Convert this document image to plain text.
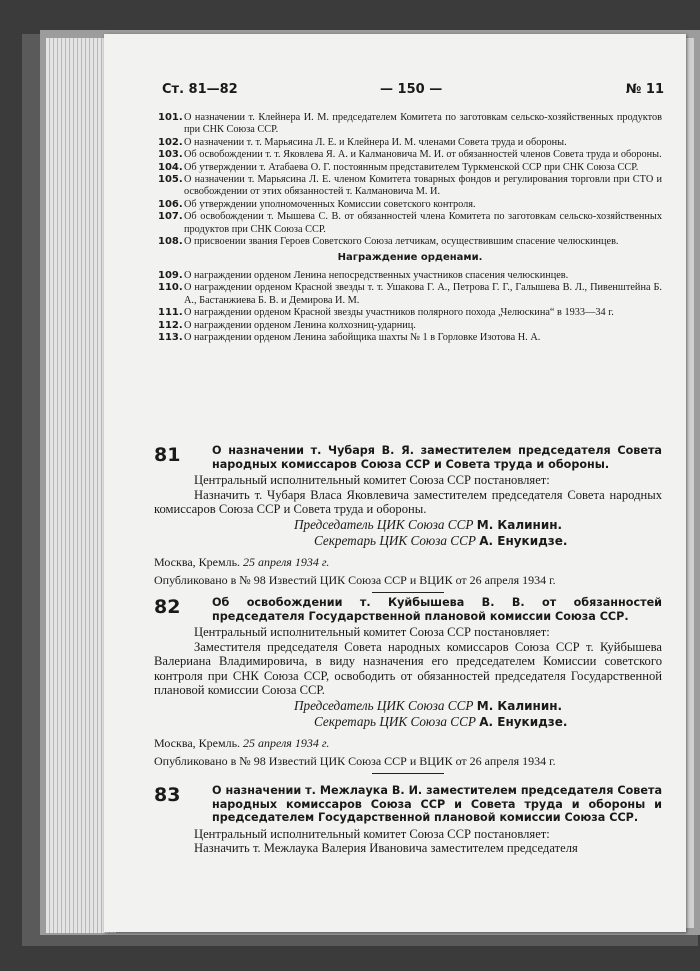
Ст. 81—82	— 150 —	№ 11
101. О назначении т. Клейнера И. М. председателем Комитета по заготовкам сельско-хозяйственных продуктов при СНК Союза ССР.
102. О назначении т. т. Марьясина Л. Е. и Клейнера И. М. членами Совета труда и обороны.
103. Об освобождении т. т. Яковлева Я. А. и Калмановича М. И. от обязанностей членов Совета труда и обороны.
104. Об утверждении т. Атабаева О. Г. постоянным представителем Туркменской ССР при СНК Союза ССР.
105. О назначении т. Марьясина Л. Е. членом Комитета товарных фондов и регулирования торговли при СТО и освобождении от этих обязанностей т. Калмановича М. И.
106. Об утверждении уполномоченных Комиссии советского контроля.
107. Об освобождении т. Мышева С. В. от обязанностей члена Комитета по заготовкам сельско-хозяйственных продуктов при СНК Союза ССР.
108. О присвоении звания Героев Советского Союза летчикам, осуществившим спасение челюскинцев.
Награждение орденами.
109. О награждении орденом Ленина непосредственных участников спасения челюскинцев.
110. О награждении орденом Красной звезды т. т. Ушакова Г. А., Петрова Г. Г., Галышева В. Л., Пивенштейна Б. А., Бастанжиева Б. В. и Демирова И. М.
111. О награждении орденом Красной звезды участников полярного похода „Челюскина“ в 1933—34 г.
112. О награждении орденом Ленина колхозниц-ударниц.
113. О награждении орденом Ленина забойщика шахты № 1 в Горловке Изотова Н. А.
81	О назначении т. Чубаря В. Я. заместителем председателя Совета народных комиссаров Союза ССР и Совета труда и обороны.
Центральный исполнительный комитет Союза ССР постановляет:
Назначить т. Чубаря Власа Яковлевича заместителем председателя Совета народных комиссаров Союза ССР и Совета труда и обороны.
Председатель ЦИК Союза ССР М. Калинин.
Секретарь ЦИК Союза ССР А. Енукидзе.
Москва, Кремль. 25 апреля 1934 г.
Опубликовано в № 98 Известий ЦИК Союза ССР и ВЦИК от 26 апреля 1934 г.
82	Об освобождении т. Куйбышева В. В. от обязанностей председателя Государственной плановой комиссии Союза ССР.
Центральный исполнительный комитет Союза ССР постановляет:
Заместителя председателя Совета народных комиссаров Союза ССР т. Куйбышева Валериана Владимировича, в виду назначения его председателем Комиссии советского контроля при СНК Союза ССР, освободить от обязанностей председателя Государственной плановой комиссии Союза ССР.
Председатель ЦИК Союза ССР М. Калинин.
Секретарь ЦИК Союза ССР А. Енукидзе.
Москва, Кремль. 25 апреля 1934 г.
Опубликовано в № 98 Известий ЦИК Союза ССР и ВЦИК от 26 апреля 1934 г.
83	О назначении т. Межлаука В. И. заместителем председателя Совета народных комиссаров Союза ССР и Совета труда и обороны и председателем Государственной плановой комиссии Союза ССР.
Центральный исполнительный комитет Союза ССР постановляет:
Назначить т. Межлаука Валерия Ивановича заместителем председателя
